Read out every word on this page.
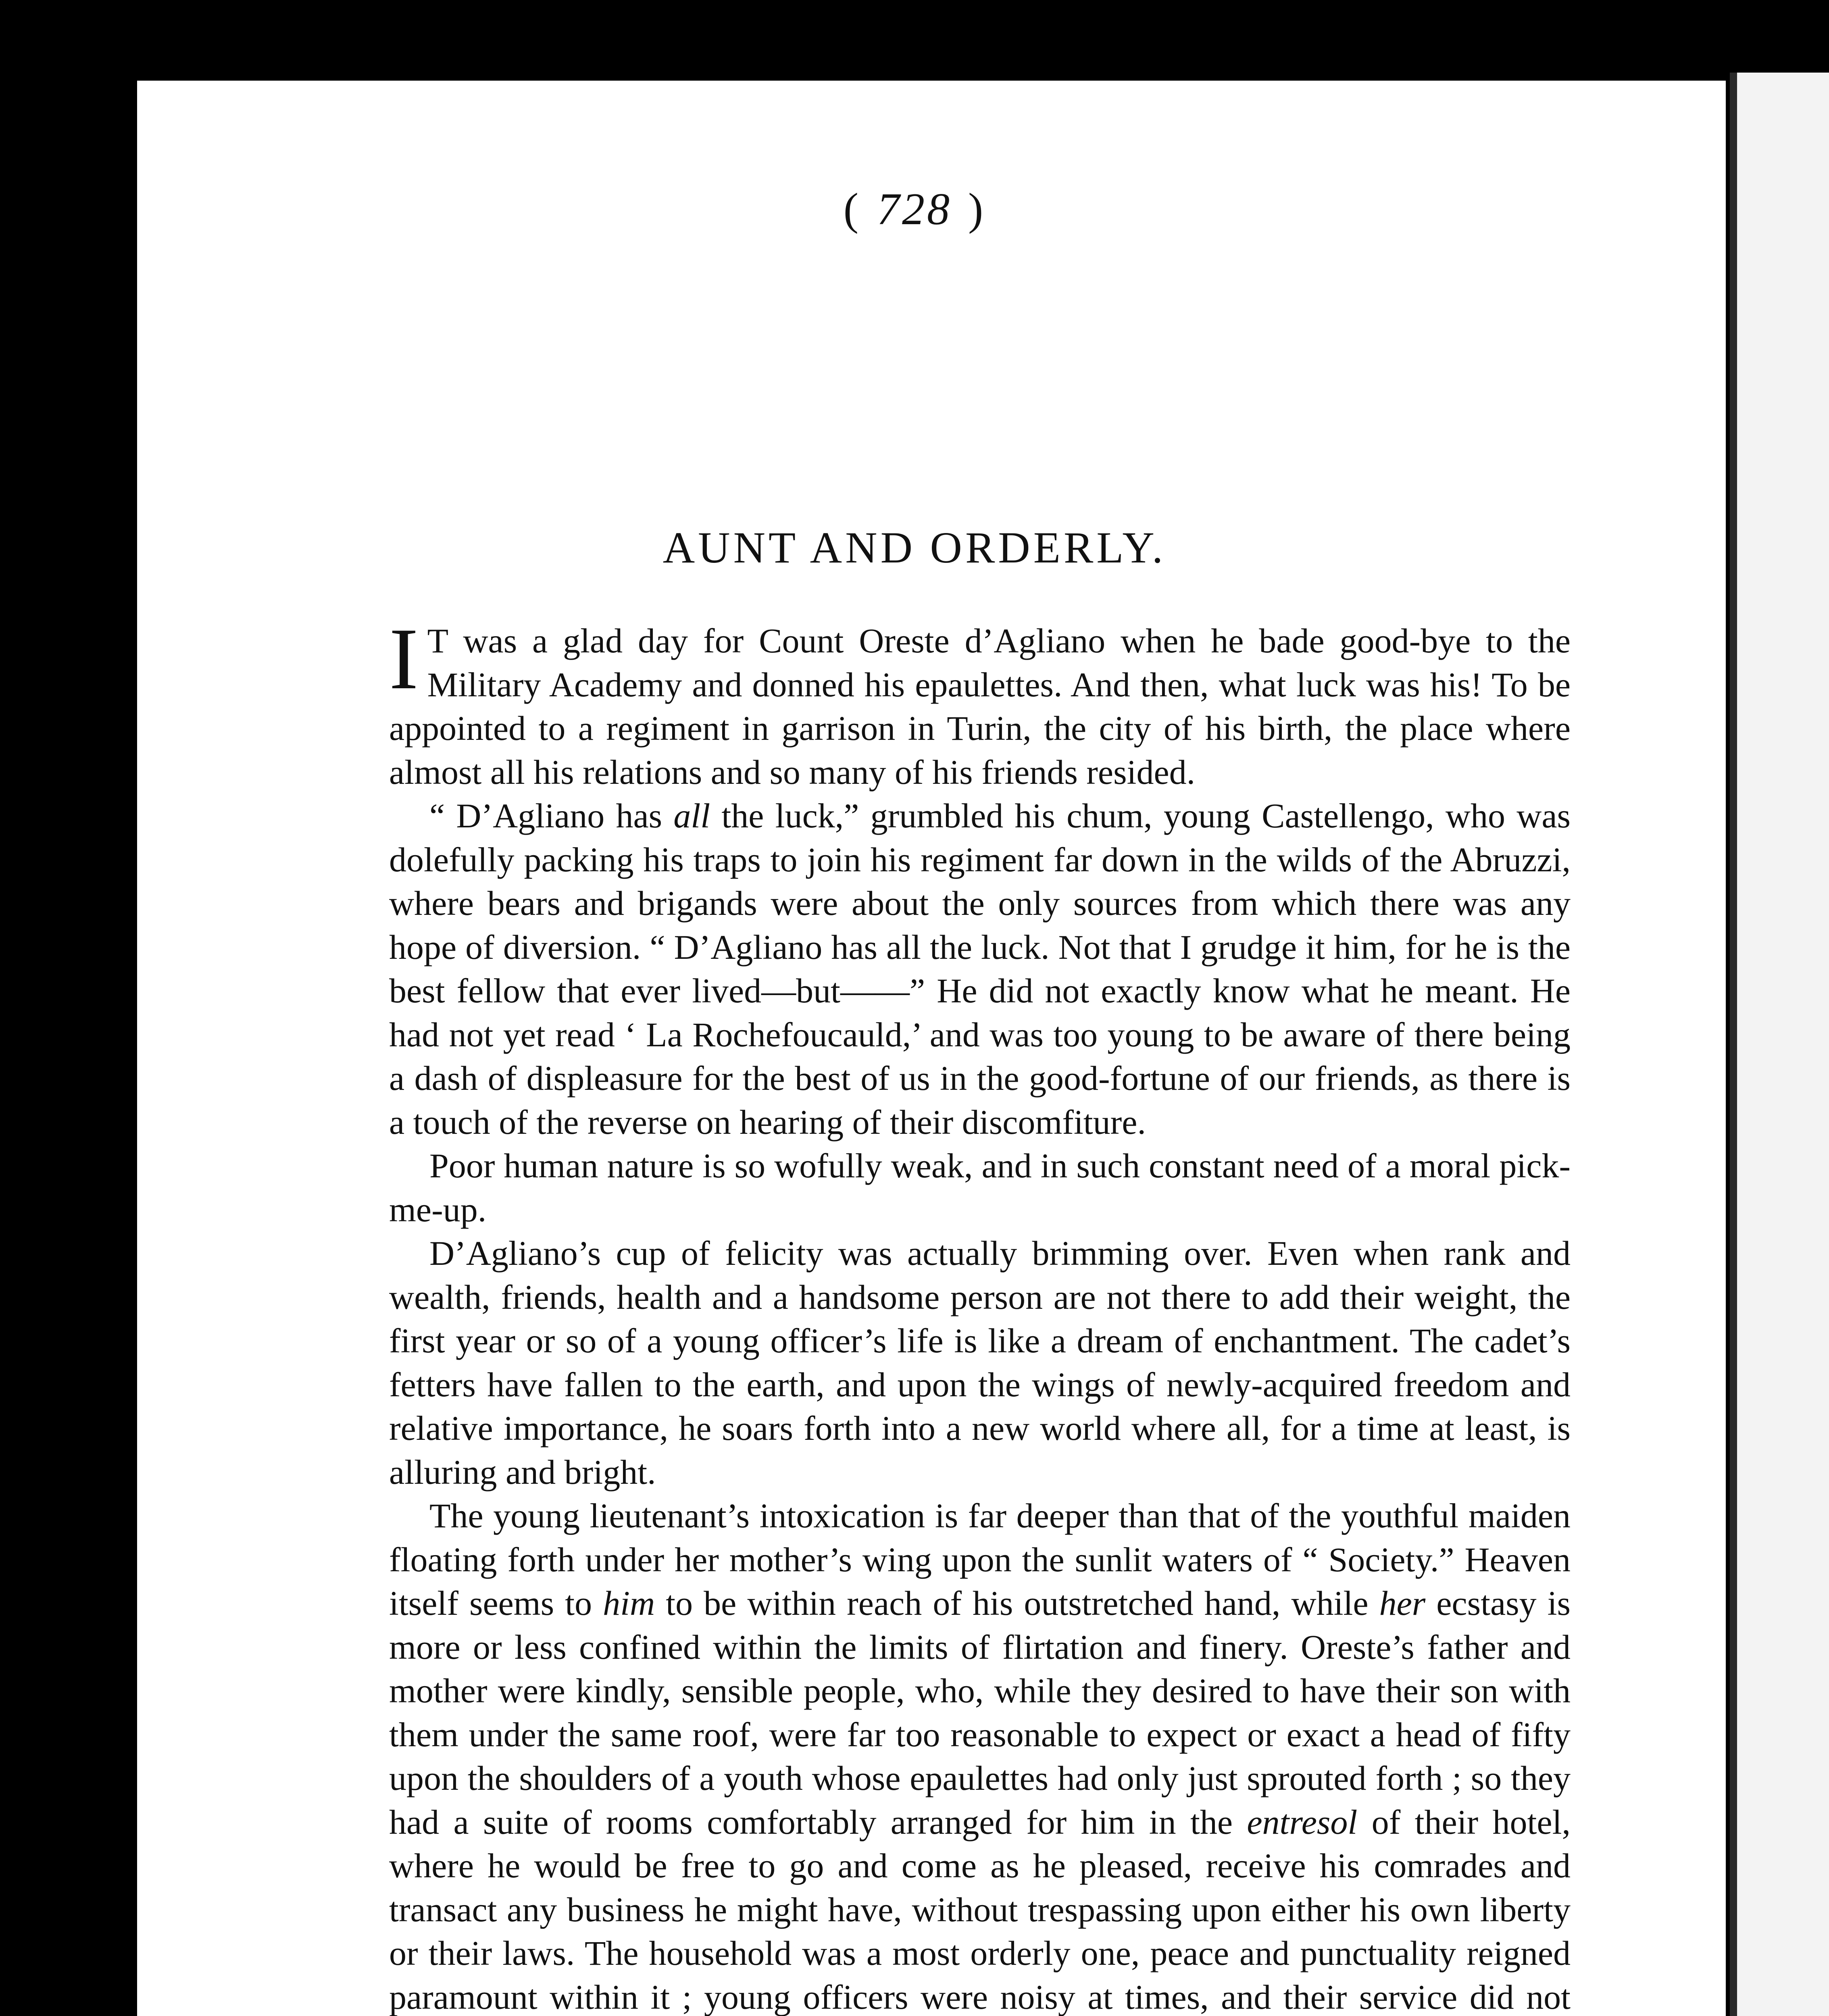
( 728 )
AUNT AND ORDERLY.

I T was a glad day for Count Oreste d’Agliano when he bade good-bye to the Military Academy and donned his epaulettes. And then, what luck was his! To be appointed to a regiment in garrison in Turin, the city of his birth, the place where almost all his relations and so many of his friends resided.

“ D’Agliano has all the luck,” grumbled his chum, young Castellengo, who was dolefully packing his traps to join his regiment far down in the wilds of the Abruzzi, where bears and brigands were about the only sources from which there was any hope of diversion. “ D’Agliano has all the luck. Not that I grudge it him, for he is the best fellow that ever lived—but——” He did not exactly know what he meant. He had not yet read ‘ La Rochefoucauld,’ and was too young to be aware of there being a dash of displeasure for the best of us in the good-fortune of our friends, as there is a touch of the reverse on hearing of their discomfiture.

Poor human nature is so wofully weak, and in such constant need of a moral pick-me-up.

D’Agliano’s cup of felicity was actually brimming over. Even when rank and wealth, friends, health and a handsome person are not there to add their weight, the first year or so of a young officer’s life is like a dream of enchantment. The cadet’s fetters have fallen to the earth, and upon the wings of newly-acquired freedom and relative importance, he soars forth into a new world where all, for a time at least, is alluring and bright.

The young lieutenant’s intoxication is far deeper than that of the youthful maiden floating forth under her mother’s wing upon the sunlit waters of “ Society.” Heaven itself seems to him to be within reach of his outstretched hand, while her ecstasy is more or less confined within the limits of flirtation and finery. Oreste’s father and mother were kindly, sensible people, who, while they desired to have their son with them under the same roof, were far too reasonable to expect or exact a head of fifty upon the shoulders of a youth whose epaulettes had only just sprouted forth ; so they had a suite of rooms comfortably arranged for him in the entresol of their hotel, where he would be free to go and come as he pleased, receive his comrades and transact any business he might have, without trespassing upon either his own liberty or their laws. The household was a most orderly one, peace and punctuality reigned paramount within it ; young officers were noisy at times, and their service did not
